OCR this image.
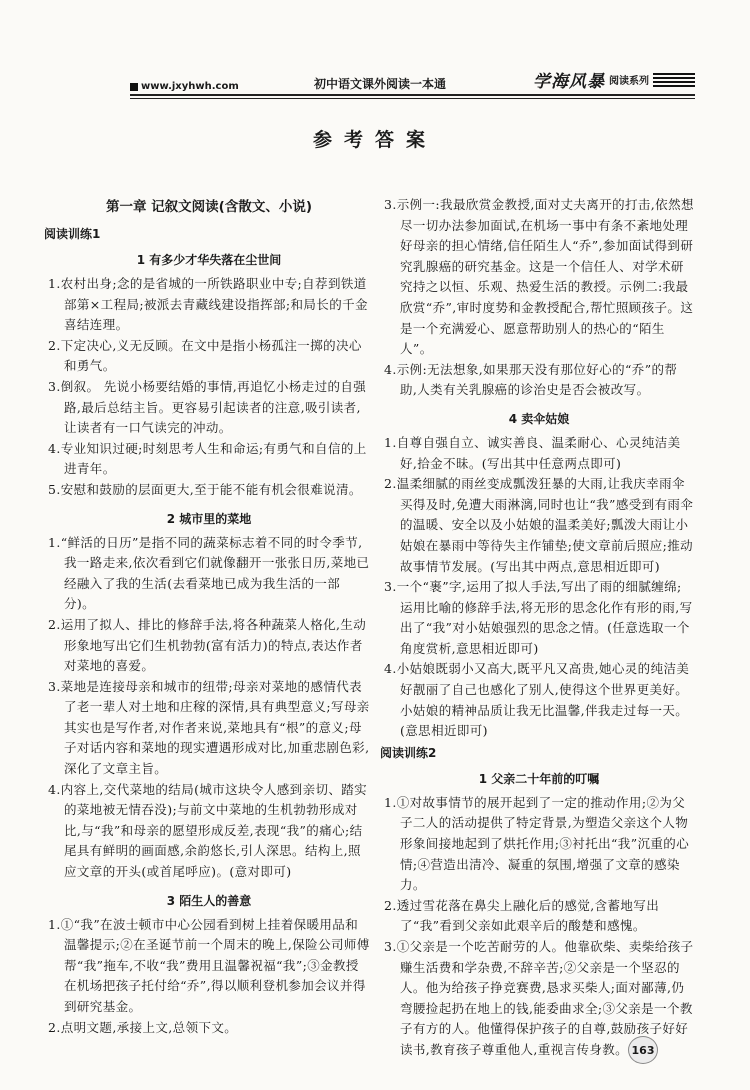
www.jxyhwh.com	初中语文课外阅读一本通	学海风暴 阅读系列
参考答案
第一章 记叙文阅读(含散文、小说)
阅读训练1
1 有多少才华失落在尘世间

1.农村出身;念的是省城的一所铁路职业中专;自荐到铁道部第×工程局;被派去青藏线建设指挥部;和局长的千金喜结连理。

2.下定决心,义无反顾。在文中是指小杨孤注一掷的决心和勇气。

3.倒叙。 先说小杨要结婚的事情,再追忆小杨走过的自强路,最后总结主旨。更容易引起读者的注意,吸引读者,让读者有一口气读完的冲动。

4.专业知识过硬;时刻思考人生和命运;有勇气和自信的上进青年。

5.安慰和鼓励的层面更大,至于能不能有机会很难说清。

2 城市里的菜地

1.“鲜活的日历”是指不同的蔬菜标志着不同的时令季节,我一路走来,依次看到它们就像翻开一张张日历,菜地已经融入了我的生活(去看菜地已成为我生活的一部分)。

2.运用了拟人、排比的修辞手法,将各种蔬菜人格化,生动形象地写出它们生机勃勃(富有活力)的特点,表达作者对菜地的喜爱。

3.菜地是连接母亲和城市的纽带;母亲对菜地的感情代表了老一辈人对土地和庄稼的深情,具有典型意义;写母亲其实也是写作者,对作者来说,菜地具有“根”的意义;母子对话内容和菜地的现实遭遇形成对比,加重悲剧色彩,深化了文章主旨。

4.内容上,交代菜地的结局(城市这块令人感到亲切、踏实的菜地被无情吞没);与前文中菜地的生机勃勃形成对比,与“我”和母亲的愿望形成反差,表现“我”的痛心;结尾具有鲜明的画面感,余韵悠长,引人深思。结构上,照应文章的开头(或首尾呼应)。(意对即可)

3 陌生人的善意

1.①“我”在波士顿市中心公园看到树上挂着保暖用品和温馨提示;②在圣诞节前一个周末的晚上,保险公司师傅帮“我”拖车,不收“我”费用且温馨祝福“我”;③金教授在机场把孩子托付给“乔”,得以顺利登机参加会议并得到研究基金。

2.点明文题,承接上文,总领下文。

3.示例一:我最欣赏金教授,面对丈夫离开的打击,依然想尽一切办法参加面试,在机场一事中有条不紊地处理好母亲的担心情绪,信任陌生人“乔”,参加面试得到研究乳腺癌的研究基金。这是一个信任人、对学术研究持之以恒、乐观、热爱生活的教授。示例二:我最欣赏“乔”,审时度势和金教授配合,帮忙照顾孩子。这是一个充满爱心、愿意帮助别人的热心的“陌生人”。

4.示例:无法想象,如果那天没有那位好心的“乔”的帮助,人类有关乳腺癌的诊治史是否会被改写。

4 卖伞姑娘

1.自尊自强自立、诚实善良、温柔耐心、心灵纯洁美好,拾金不昧。(写出其中任意两点即可)

2.温柔细腻的雨丝变成瓢泼狂暴的大雨,让我庆幸雨伞买得及时,免遭大雨淋漓,同时也让“我”感受到有雨伞的温暖、安全以及小姑娘的温柔美好;瓢泼大雨让小姑娘在暴雨中等待失主作铺垫;使文章前后照应;推动故事情节发展。(写出其中两点,意思相近即可)

3.一个“裹”字,运用了拟人手法,写出了雨的细腻缠绵;运用比喻的修辞手法,将无形的思念化作有形的雨,写出了“我”对小姑娘强烈的思念之情。(任意选取一个角度赏析,意思相近即可)

4.小姑娘既弱小又高大,既平凡又高贵,她心灵的纯洁美好靓丽了自己也感化了别人,使得这个世界更美好。小姑娘的精神品质让我无比温馨,伴我走过每一天。(意思相近即可)

阅读训练2
1 父亲二十年前的叮嘱

1.①对故事情节的展开起到了一定的推动作用;②为父子二人的活动提供了特定背景,为塑造父亲这个人物形象间接地起到了烘托作用;③衬托出“我”沉重的心情;④营造出清冷、凝重的氛围,增强了文章的感染力。

2.透过雪花落在鼻尖上融化后的感觉,含蓄地写出了“我”看到父亲如此艰辛后的酸楚和感愧。

3.①父亲是一个吃苦耐劳的人。他靠砍柴、卖柴给孩子赚生活费和学杂费,不辞辛苦;②父亲是一个坚忍的人。他为给孩子挣竞赛费,恳求买柴人;面对鄙薄,仍弯腰捡起扔在地上的钱,能委曲求全;③父亲是一个教子有方的人。他懂得保护孩子的自尊,鼓励孩子好好读书,教育孩子尊重他人,重视言传身教。 163
